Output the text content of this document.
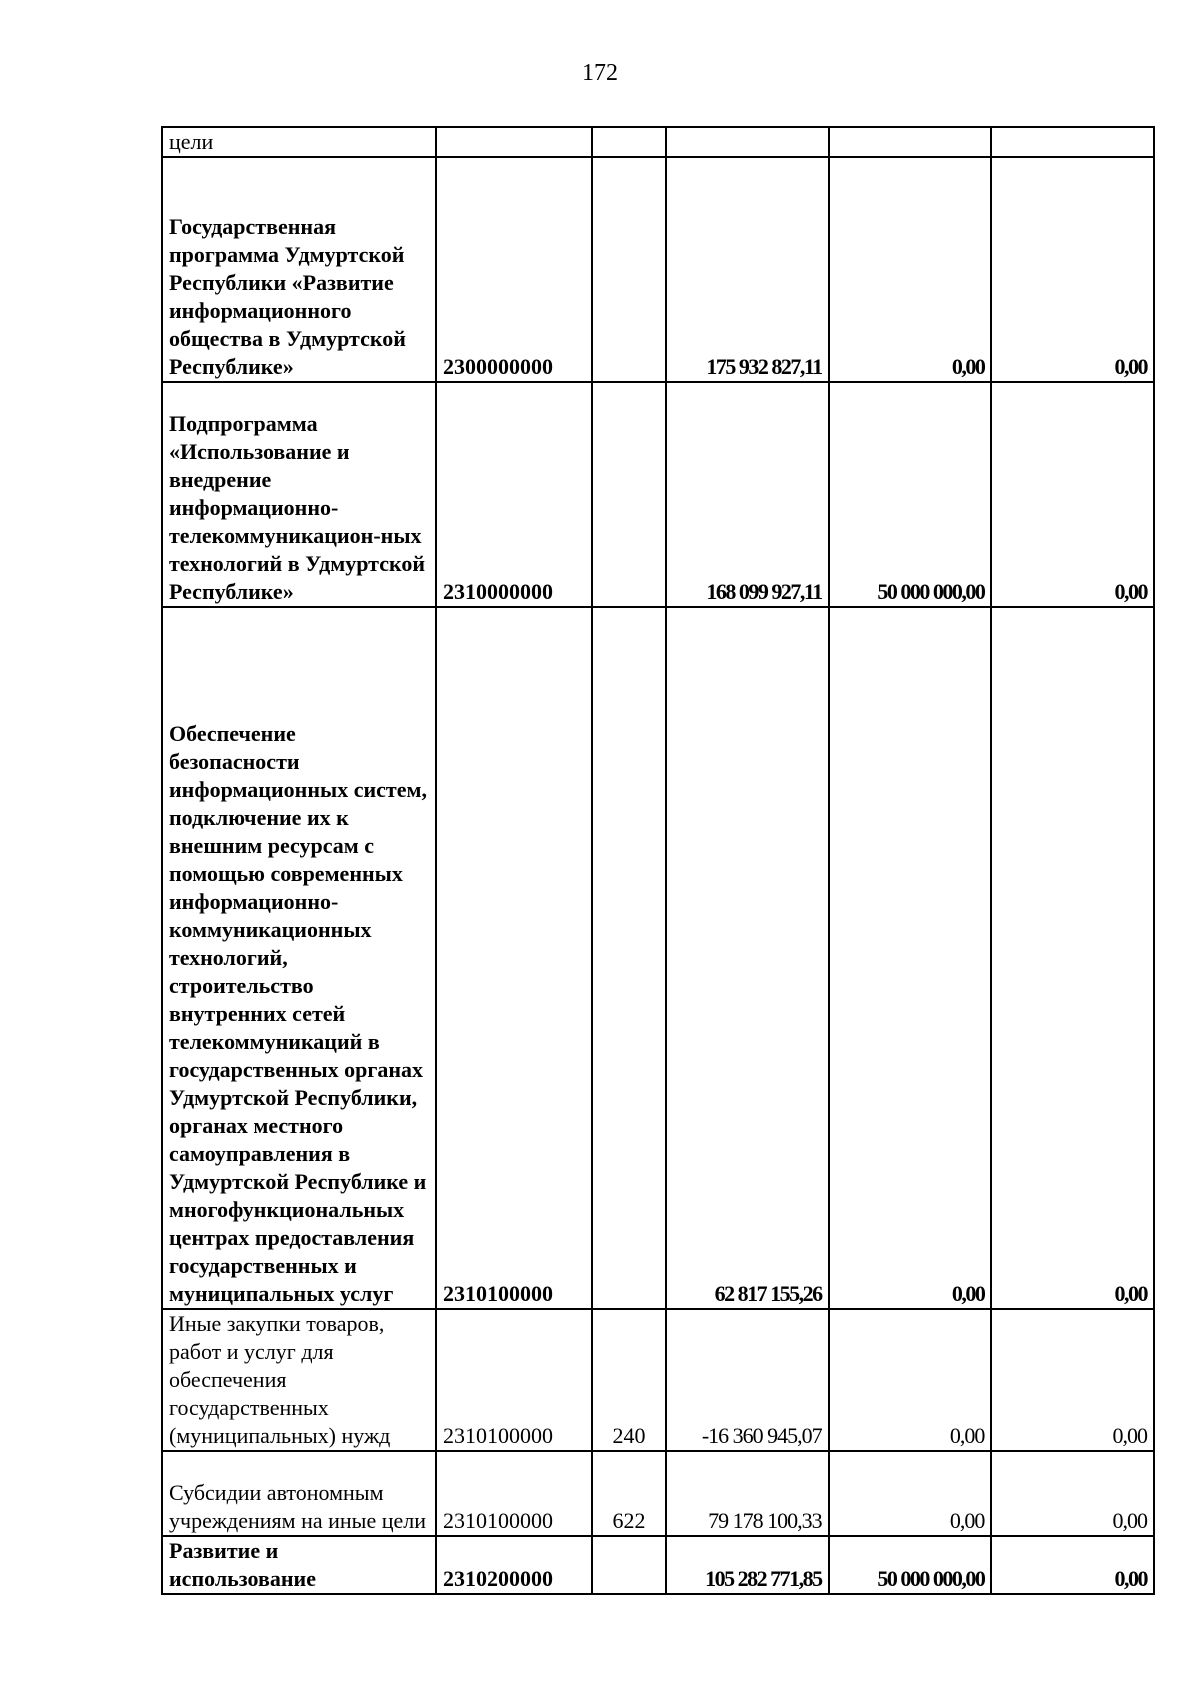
172
цели					
Государственная программа Удмуртской Республики «Развитие информационного общества в Удмуртской Республике»	2300000000		175 932 827,11	0,00	0,00
Подпрограмма «Использование и внедрение информационно-телекоммуникацион-ных технологий в Удмуртской Республике»	2310000000		168 099 927,11	50 000 000,00	0,00
Обеспечение безопасности информационных систем, подключение их к внешним ресурсам с помощью современных информационно-коммуникационных технологий, строительство внутренних сетей телекоммуникаций в государственных органах Удмуртской Республики, органах местного самоуправления в Удмуртской Республике и многофункциональных центрах предоставления государственных и муниципальных услуг	2310100000		62 817 155,26	0,00	0,00
Иные закупки товаров, работ и услуг для обеспечения государственных (муниципальных) нужд	2310100000	240	-16 360 945,07	0,00	0,00
Субсидии автономным учреждениям на иные цели	2310100000	622	79 178 100,33	0,00	0,00
Развитие и использование	2310200000		105 282 771,85	50 000 000,00	0,00
